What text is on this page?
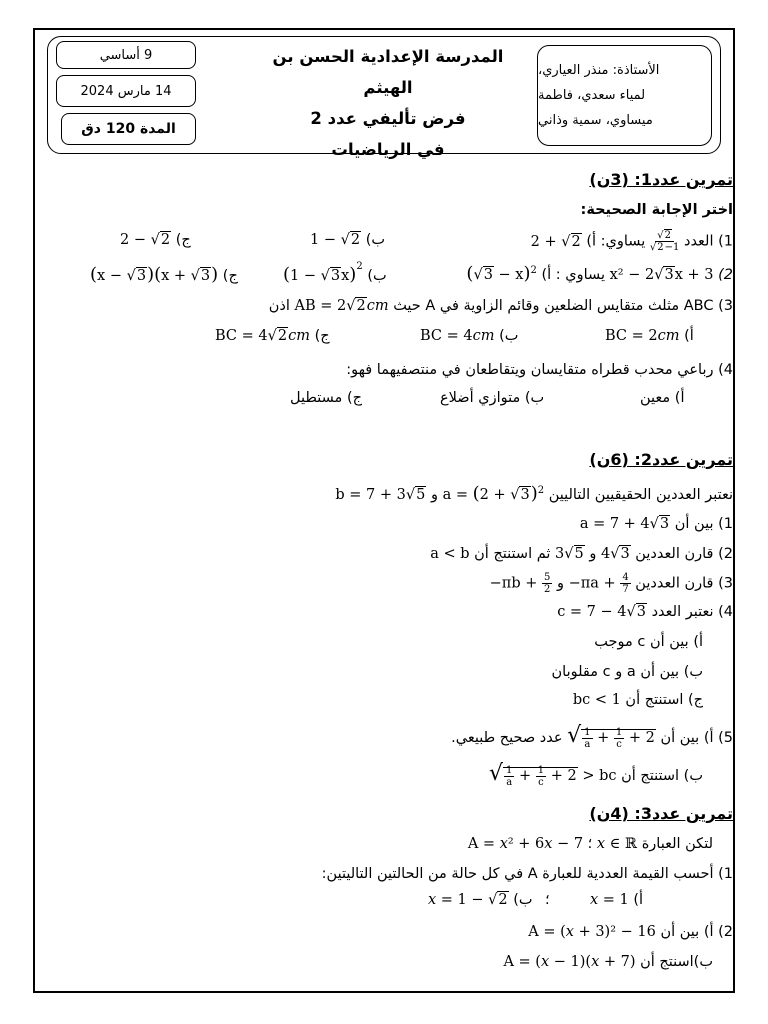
9 أساسي
14 مارس 2024
المدة 120 دق
المدرسة الإعدادية الحسن بن الهيثم
فرض تأليفي عدد 2
في الرياضيات
الأستاذة: منذر العياري،
لمياء سعدي، فاطمة
ميساوي، سمية وذاني
تمرين عدد1: (3ن)
اختر الإجابة الصحيحة:
1) العدد
$\frac{√2}{√2-1}$
يساوي: أ) 2 + √2
ب) 1 − √2
ج) 2 − √2
2) x² − 2√3x + 3 يساوي : أ) $(√3 - x)^2$
ب) $(1 - √3x)^2$
ج) (x − √3)(x + √3)
3) ABC مثلث متقايس الضلعين وقائم الزاوية في A حيث AB = 2√2cm اذن
أ) BC = 2cm
ب) BC = 4cm
ج) BC = 4√2cm
4) رباعي محدب قطراه متقايسان ويتقاطعان في منتصفيهما فهو:
أ) معين
ب) متوازي أضلاع
ج) مستطيل
تمرين عدد2: (6ن)
نعتبر العددين الحقيقيين التاليين $a = (2 + √3)^2$ و b = 7 + 3√5
1) بين أن a = 7 + 4√3
2) قارن العددين 4√3 و 3√5 ثم استنتج أن a < b
3) قارن العددين $-\pi a + \frac{4}{7}$
و $-\pi b + \frac{5}{2}$
4) نعتبر العدد c = 7 − 4√3
أ) بين أن c موجب
ب) بين أن a و c مقلوبان
ج) استنتج أن bc < 1
5) أ) بين أن √ $\frac{1}{a} + \frac{1}{c} + 2$ عدد صحيح طبيعي.
ب) استنتج أن √ $\frac{1}{a} + \frac{1}{c} + 2$ > bc
تمرين عدد3: (4ن)
لتكن العبارة A = x² + 6x − 7 ؛ x ∈ ℝ
1) أحسب القيمة العددية للعبارة A في كل حالة من الحالتين التاليتين:
أ) x = 1
؛
ب) x = 1 − √2
2) أ) بين أن A = (x + 3)² − 16
ب)اسنتج أن A = (x − 1)(x + 7)
